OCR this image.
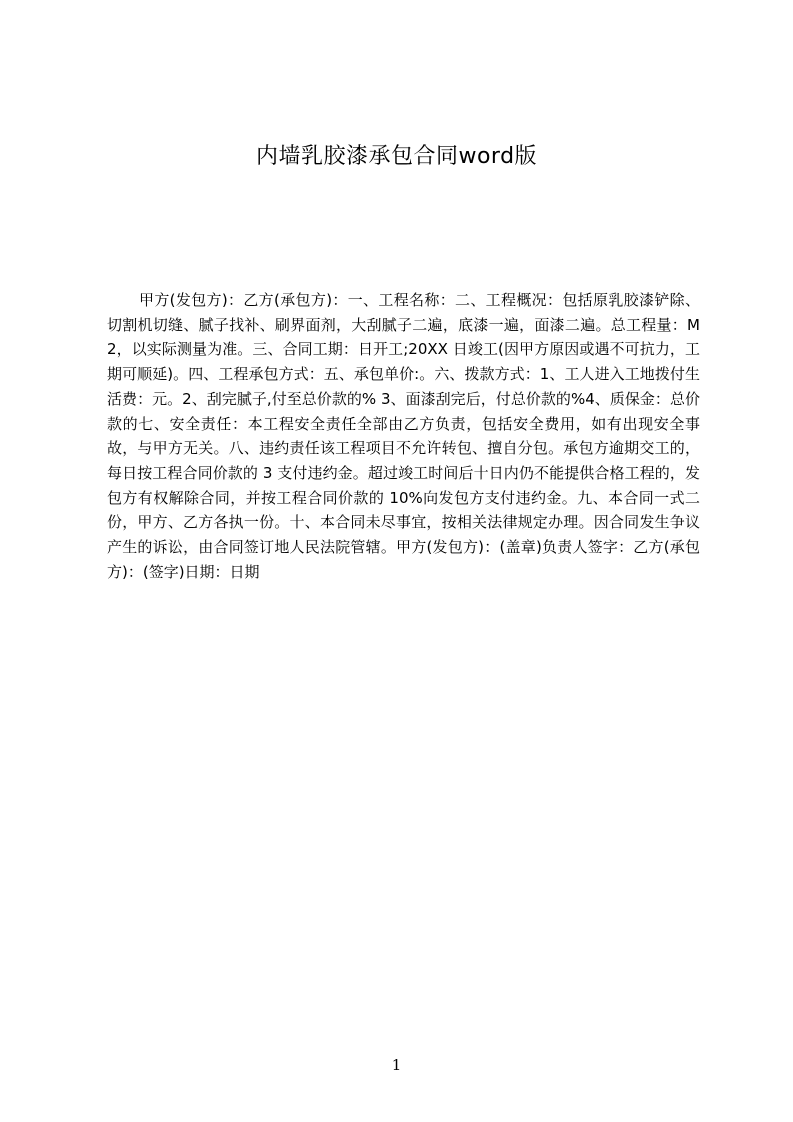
内墙乳胶漆承包合同word版

甲方(发包方)：乙方(承包方)：一、工程名称：二、工程概况：包括原乳胶漆铲除、切割机切缝、腻子找补、刷界面剂，大刮腻子二遍，底漆一遍，面漆二遍。总工程量：M2，以实际测量为准。三、合同工期：日开工;20XX 日竣工(因甲方原因或遇不可抗力，工期可顺延)。四、工程承包方式：五、承包单价:。六、拨款方式：1、工人进入工地拨付生活费：元。2、刮完腻子,付至总价款的% 3、面漆刮完后，付总价款的%4、质保金：总价款的七、安全责任：本工程安全责任全部由乙方负责，包括安全费用，如有出现安全事故，与甲方无关。八、违约责任该工程项目不允许转包、擅自分包。承包方逾期交工的，每日按工程合同价款的 3 支付违约金。超过竣工时间后十日内仍不能提供合格工程的，发包方有权解除合同，并按工程合同价款的 10%向发包方支付违约金。九、本合同一式二份，甲方、乙方各执一份。十、本合同未尽事宜，按相关法律规定办理。因合同发生争议产生的诉讼，由合同签订地人民法院管辖。甲方(发包方)：(盖章)负责人签字：乙方(承包方)：(签字)日期：日期

1
